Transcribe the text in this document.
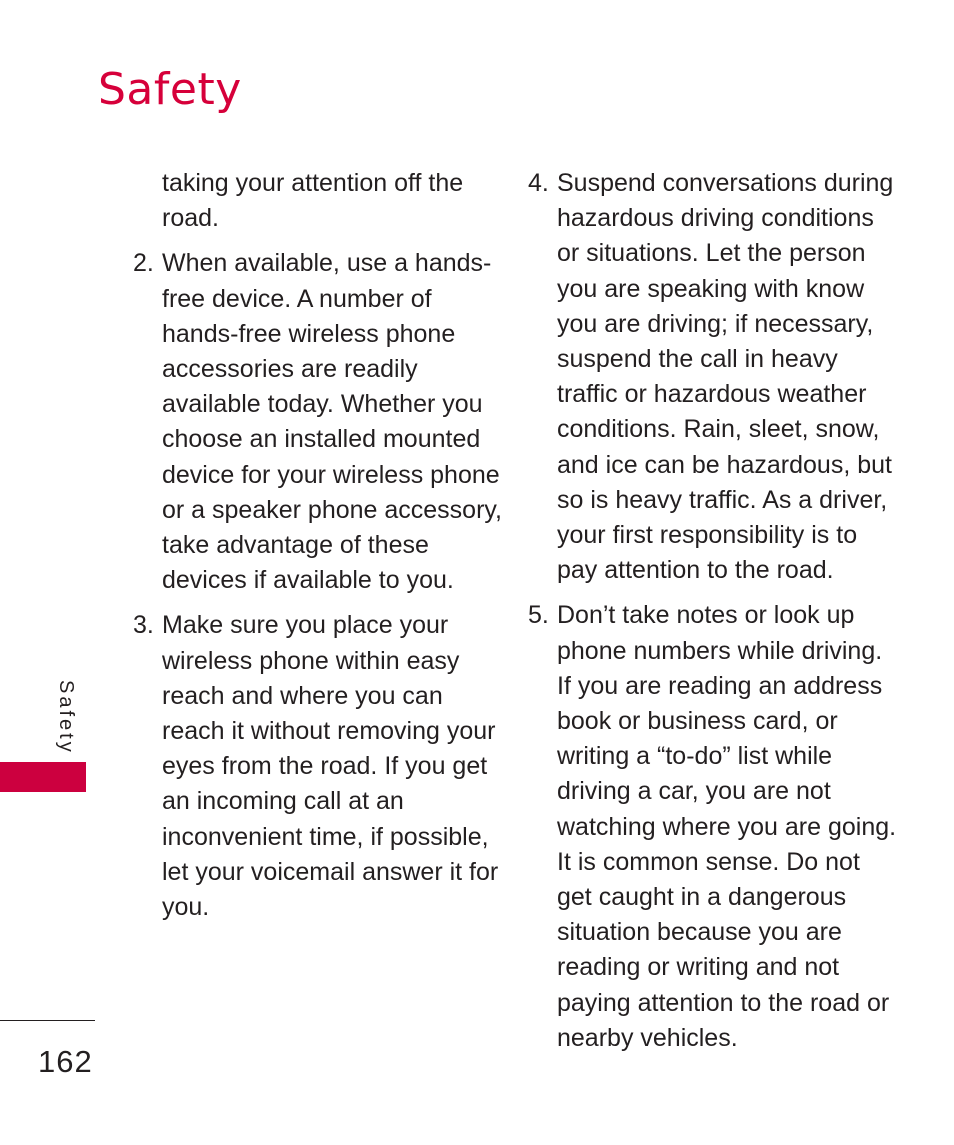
Safety

taking your attention off the road.

2. When available, use a hands-free device. A number of hands-free wireless phone accessories are readily available today. Whether you choose an installed mounted device for your wireless phone or a speaker phone accessory, take advantage of these devices if available to you.
3. Make sure you place your wireless phone within easy reach and where you can reach it without removing your eyes from the road. If you get an incoming call at an inconvenient time, if possible, let your voicemail answer it for you.
4. Suspend conversations during hazardous driving conditions or situations. Let the person you are speaking with know you are driving; if necessary, suspend the call in heavy traffic or hazardous weather conditions. Rain, sleet, snow, and ice can be hazardous, but so is heavy traffic. As a driver, your first responsibility is to pay attention to the road.
5. Don’t take notes or look up phone numbers while driving. If you are reading an address book or business card, or writing a “to-do” list while driving a car, you are not watching where you are going. It is common sense. Do not get caught in a dangerous situation because you are reading or writing and not paying attention to the road or nearby vehicles.
Safety
162
